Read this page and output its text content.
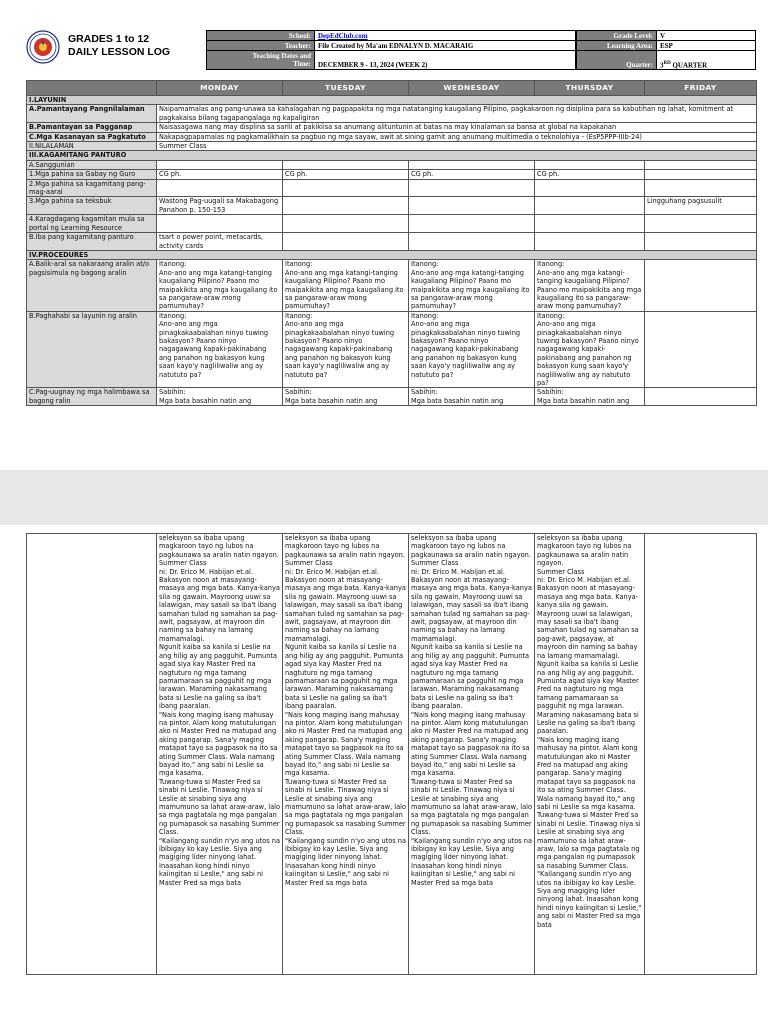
GRADES 1 to 12
DAILY LESSON LOG
School:	DepEdClub.com
Teacher:	File Created by Ma'am EDNALYN D. MACARAIG

Teaching Dates and
Time:	DECEMBER 9 - 13, 2024 (WEEK 2)
Grade Level:	V
Learning Area:	ESP
Quarter:	3RD QUARTER
	MONDAY	TUESDAY	WEDNESDAY	THURSDAY	FRIDAY
I.LAYUNIN					
A.Pamantayang Pangnilalaman	Naipamamalas ang pang-unawa sa kahalagahan ng pagpapakita ng mga natatanging kaugaliang Pilipino, pagkakaroon ng disiplina para sa kabutihan ng lahat, komitment at pagkakaisa bilang tagapangalaga ng kapaligiran				
B.Pamantayan sa Pagganap	Naisasagawa nang may displina sa sarili at pakikiisa sa anumang alituntunin at batas na may kinalaman sa bansa at global na kapakanan				
C.Mga Kasanayan sa Pagkatuto	Nakapagpapamalas ng pagkamalikhain sa pagbuo ng mga sayaw, awit at sining gamit ang anumang multimedia o teknolohiya - (EsP5PPP-IIIb-24)				
II.NILALAMAN	Summer Class				
III.KAGAMITANG PANTURO					
A.Sanggunian					
1.Mga pahina sa Gabay ng Guro	CG ph.	CG ph.	CG ph.	CG ph.	
2.Mga pahina sa kagamitang pang-mag-aaral					
3.Mga pahina sa teksbuk	Wastong Pag-uugali sa Makabagong Panahon p. 150-153				Lingguhang pagsusulit
4.Karagdagang kagamitan mula sa portal ng Learning Resource					
B.Iba pang kagamitang panturo	tsart o power point, metacards, activity cards				
IV.PROCEDURES					
A.Balik-aral sa nakaraang aralin at/o pagsisimula ng bagong aralin	Itanong:
Ano-ano ang mga katangi-tanging kaugaliang Pilipino? Paano mo maipakikita ang mga kaugaliang ito sa pangaraw-araw mong pamumuhay?	Itanong:
Ano-ano ang mga katangi-tanging kaugaliang Pilipino? Paano mo maipakikita ang mga kaugaliang ito sa pangaraw-araw mong pamumuhay?	Itanong:
Ano-ano ang mga katangi-tanging kaugaliang Pilipino? Paano mo maipakikita ang mga kaugaliang ito sa pangaraw-araw mong pamumuhay?	Itanong:
Ano-ano ang mga katangi-tanging kaugaliang Pilipino? Paano mo maipakikita ang mga kaugaliang ito sa pangaraw-araw mong pamumuhay?	
B.Paghahabi sa layunin ng aralin	Itanong:
Ano-ano ang mga pinagkakaabalahan ninyo tuwing bakasyon? Paano ninyo nagagawang kapaki-pakinabang ang panahon ng bakasyon kung saan kayo'y nagliliwaliw ang ay natututo pa?	Itanong:
Ano-ano ang mga pinagkakaabalahan ninyo tuwing bakasyon? Paano ninyo nagagawang kapaki-pakinabang ang panahon ng bakasyon kung saan kayo'y nagliliwaliw ang ay natututo pa?	Itanong:
Ano-ano ang mga pinagkakaabalahan ninyo tuwing bakasyon? Paano ninyo nagagawang kapaki-pakinabang ang panahon ng bakasyon kung saan kayo'y nagliliwaliw ang ay natututo pa?	Itanong:
Ano-ano ang mga pinagkakaabalahan ninyo tuwing bakasyon? Paano ninyo nagagawang kapaki-pakinabang ang panahon ng bakasyon kung saan kayo'y nagliliwaliw ang ay natututo pa?	
C.Pag-uugnay ng mga halimbawa sa bagong ralin	Sabihin:
Mga bata basahin natin ang	Sabihin:
Mga bata basahin natin ang	Sabihin:
Mga bata basahin natin ang	Sabihin:
Mga bata basahin natin ang	
	seleksyon sa ibaba upang magkaroon tayo ng lubos na pagkaunawa sa aralin natin ngayon.
Summer Class
ni: Dr. Erico M. Habijan et.al.
Bakasyon noon at masayang-masaya ang mga bata. Kanya-kanya sila ng gawain. Mayroong uuwi sa lalawigan, may sasali sa iba't ibang samahan tulad ng samahan sa pag-awit, pagsayaw, at mayroon din naming sa bahay na lamang mamamalagi.
Ngunit kaiba sa kanila si Leslie na ang hilig ay ang pagguhit. Pumunta agad siya kay Master Fred na nagtuturo ng mga tamang pamamaraan sa pagguhit ng mga larawan. Maraming nakasamang bata si Leslie na galing sa iba't ibang paaralan.
"Nais kong maging isang mahusay na pintor. Alam kong matutulungan ako ni Master Fred na matupad ang aking pangarap. Sana'y maging matapat tayo sa pagpasok na ito sa ating Summer Class. Wala namang bayad ito," ang sabi ni Leslie sa mga kasama.
Tuwang-tuwa si Master Fred sa sinabi ni Leslie. Tinawag niya si Leslie at sinabing siya ang mamumuno sa lahat araw-araw, lalo sa mga pagtatala ng mga pangalan ng pumapasok sa nasabing Summer Class.
"Kailangang sundin n'yo ang utos na ibibigay ko kay Leslie. Siya ang magiging lider ninyong lahat. Inaasahan kong hindi ninyo kaiingitan si Leslie," ang sabi ni Master Fred sa mga bata	seleksyon sa ibaba upang magkaroon tayo ng lubos na pagkaunawa sa aralin natin ngayon.
Summer Class
ni: Dr. Erico M. Habijan et.al.
Bakasyon noon at masayang-masaya ang mga bata. Kanya-kanya sila ng gawain. Mayroong uuwi sa lalawigan, may sasali sa iba't ibang samahan tulad ng samahan sa pag-awit, pagsayaw, at mayroon din naming sa bahay na lamang mamamalagi.
Ngunit kaiba sa kanila si Leslie na ang hilig ay ang pagguhit. Pumunta agad siya kay Master Fred na nagtuturo ng mga tamang pamamaraan sa pagguhit ng mga larawan. Maraming nakasamang bata si Leslie na galing sa iba't ibang paaralan.
"Nais kong maging isang mahusay na pintor. Alam kong matutulungan ako ni Master Fred na matupad ang aking pangarap. Sana'y maging matapat tayo sa pagpasok na ito sa ating Summer Class. Wala namang bayad ito," ang sabi ni Leslie sa mga kasama.
Tuwang-tuwa si Master Fred sa sinabi ni Leslie. Tinawag niya si Leslie at sinabing siya ang mamumuno sa lahat araw-araw, lalo sa mga pagtatala ng mga pangalan ng pumapasok sa nasabing Summer Class.
"Kailangang sundin n'yo ang utos na ibibigay ko kay Leslie. Siya ang magiging lider ninyong lahat. Inaasahan kong hindi ninyo kaiingitan si Leslie," ang sabi ni Master Fred sa mga bata	seleksyon sa ibaba upang magkaroon tayo ng lubos na pagkaunawa sa aralin natin ngayon.
Summer Class
ni: Dr. Erico M. Habijan et.al.
Bakasyon noon at masayang-masaya ang mga bata. Kanya-kanya sila ng gawain. Mayroong uuwi sa lalawigan, may sasali sa iba't ibang samahan tulad ng samahan sa pag-awit, pagsayaw, at mayroon din naming sa bahay na lamang mamamalagi.
Ngunit kaiba sa kanila si Leslie na ang hilig ay ang pagguhit. Pumunta agad siya kay Master Fred na nagtuturo ng mga tamang pamamaraan sa pagguhit ng mga larawan. Maraming nakasamang bata si Leslie na galing sa iba't ibang paaralan.
"Nais kong maging isang mahusay na pintor. Alam kong matutulungan ako ni Master Fred na matupad ang aking pangarap. Sana'y maging matapat tayo sa pagpasok na ito sa ating Summer Class. Wala namang bayad ito," ang sabi ni Leslie sa mga kasama.
Tuwang-tuwa si Master Fred sa sinabi ni Leslie. Tinawag niya si Leslie at sinabing siya ang mamumuno sa lahat araw-araw, lalo sa mga pagtatala ng mga pangalan ng pumapasok sa nasabing Summer Class.
"Kailangang sundin n'yo ang utos na ibibigay ko kay Leslie. Siya ang magiging lider ninyong lahat. Inaasahan kong hindi ninyo kaiingitan si Leslie," ang sabi ni Master Fred sa mga bata	seleksyon sa ibaba upang magkaroon tayo ng lubos na pagkaunawa sa aralin natin ngayon.
Summer Class
ni: Dr. Erico M. Habijan et.al.
Bakasyon noon at masayang-masaya ang mga bata. Kanya-kanya sila ng gawain. Mayroong uuwi sa lalawigan, may sasali sa iba't ibang samahan tulad ng samahan sa pag-awit, pagsayaw, at mayroon din naming sa bahay na lamang mamamalagi.
Ngunit kaiba sa kanila si Leslie na ang hilig ay ang pagguhit. Pumunta agad siya kay Master Fred na nagtuturo ng mga tamang pamamaraan sa pagguhit ng mga larawan. Maraming nakasamang bata si Leslie na galing sa iba't ibang paaralan.
"Nais kong maging isang mahusay na pintor. Alam kong matutulungan ako ni Master Fred na matupad ang aking pangarap. Sana'y maging matapat tayo sa pagpasok na ito sa ating Summer Class. Wala namang bayad ito," ang sabi ni Leslie sa mga kasama.
Tuwang-tuwa si Master Fred sa sinabi ni Leslie. Tinawag niya si Leslie at sinabing siya ang mamumuno sa lahat araw-araw, lalo sa mga pagtatala ng mga pangalan ng pumapasok sa nasabing Summer Class.
"Kailangang sundin n'yo ang utos na ibibigay ko kay Leslie. Siya ang magiging lider ninyong lahat. Inaasahan kong hindi ninyo kaiingitan si Leslie," ang sabi ni Master Fred sa mga bata	
